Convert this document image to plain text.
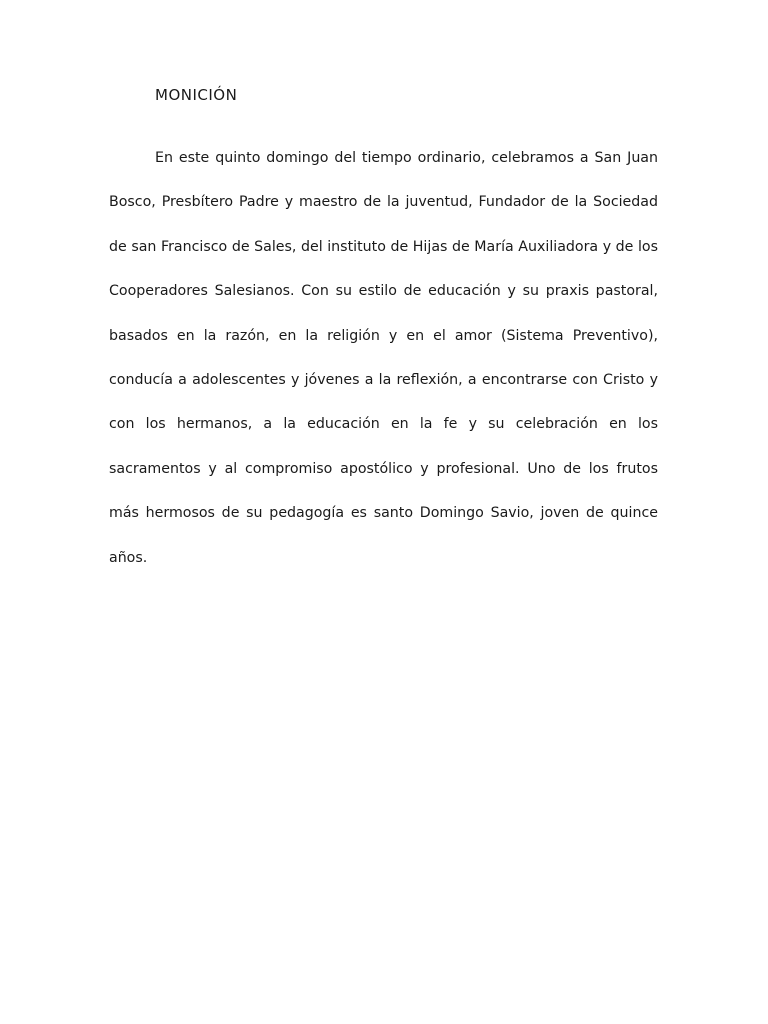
MONICIÓN

En este quinto domingo del tiempo ordinario, celebramos a San Juan Bosco, Presbítero Padre y maestro de la juventud, Fundador de la Sociedad de san Francisco de Sales, del instituto de Hijas de María Auxiliadora y de los Cooperadores Salesianos. Con su estilo de educación y su praxis pastoral, basados en la razón, en la religión y en el amor (Sistema Preventivo), conducía a adolescentes y jóvenes a la reflexión, a encontrarse con Cristo y con los hermanos, a la educación en la fe y su celebración en los sacramentos y al compromiso apostólico y profesional. Uno de los frutos más hermosos de su pedagogía es santo Domingo Savio, joven de quince años.
